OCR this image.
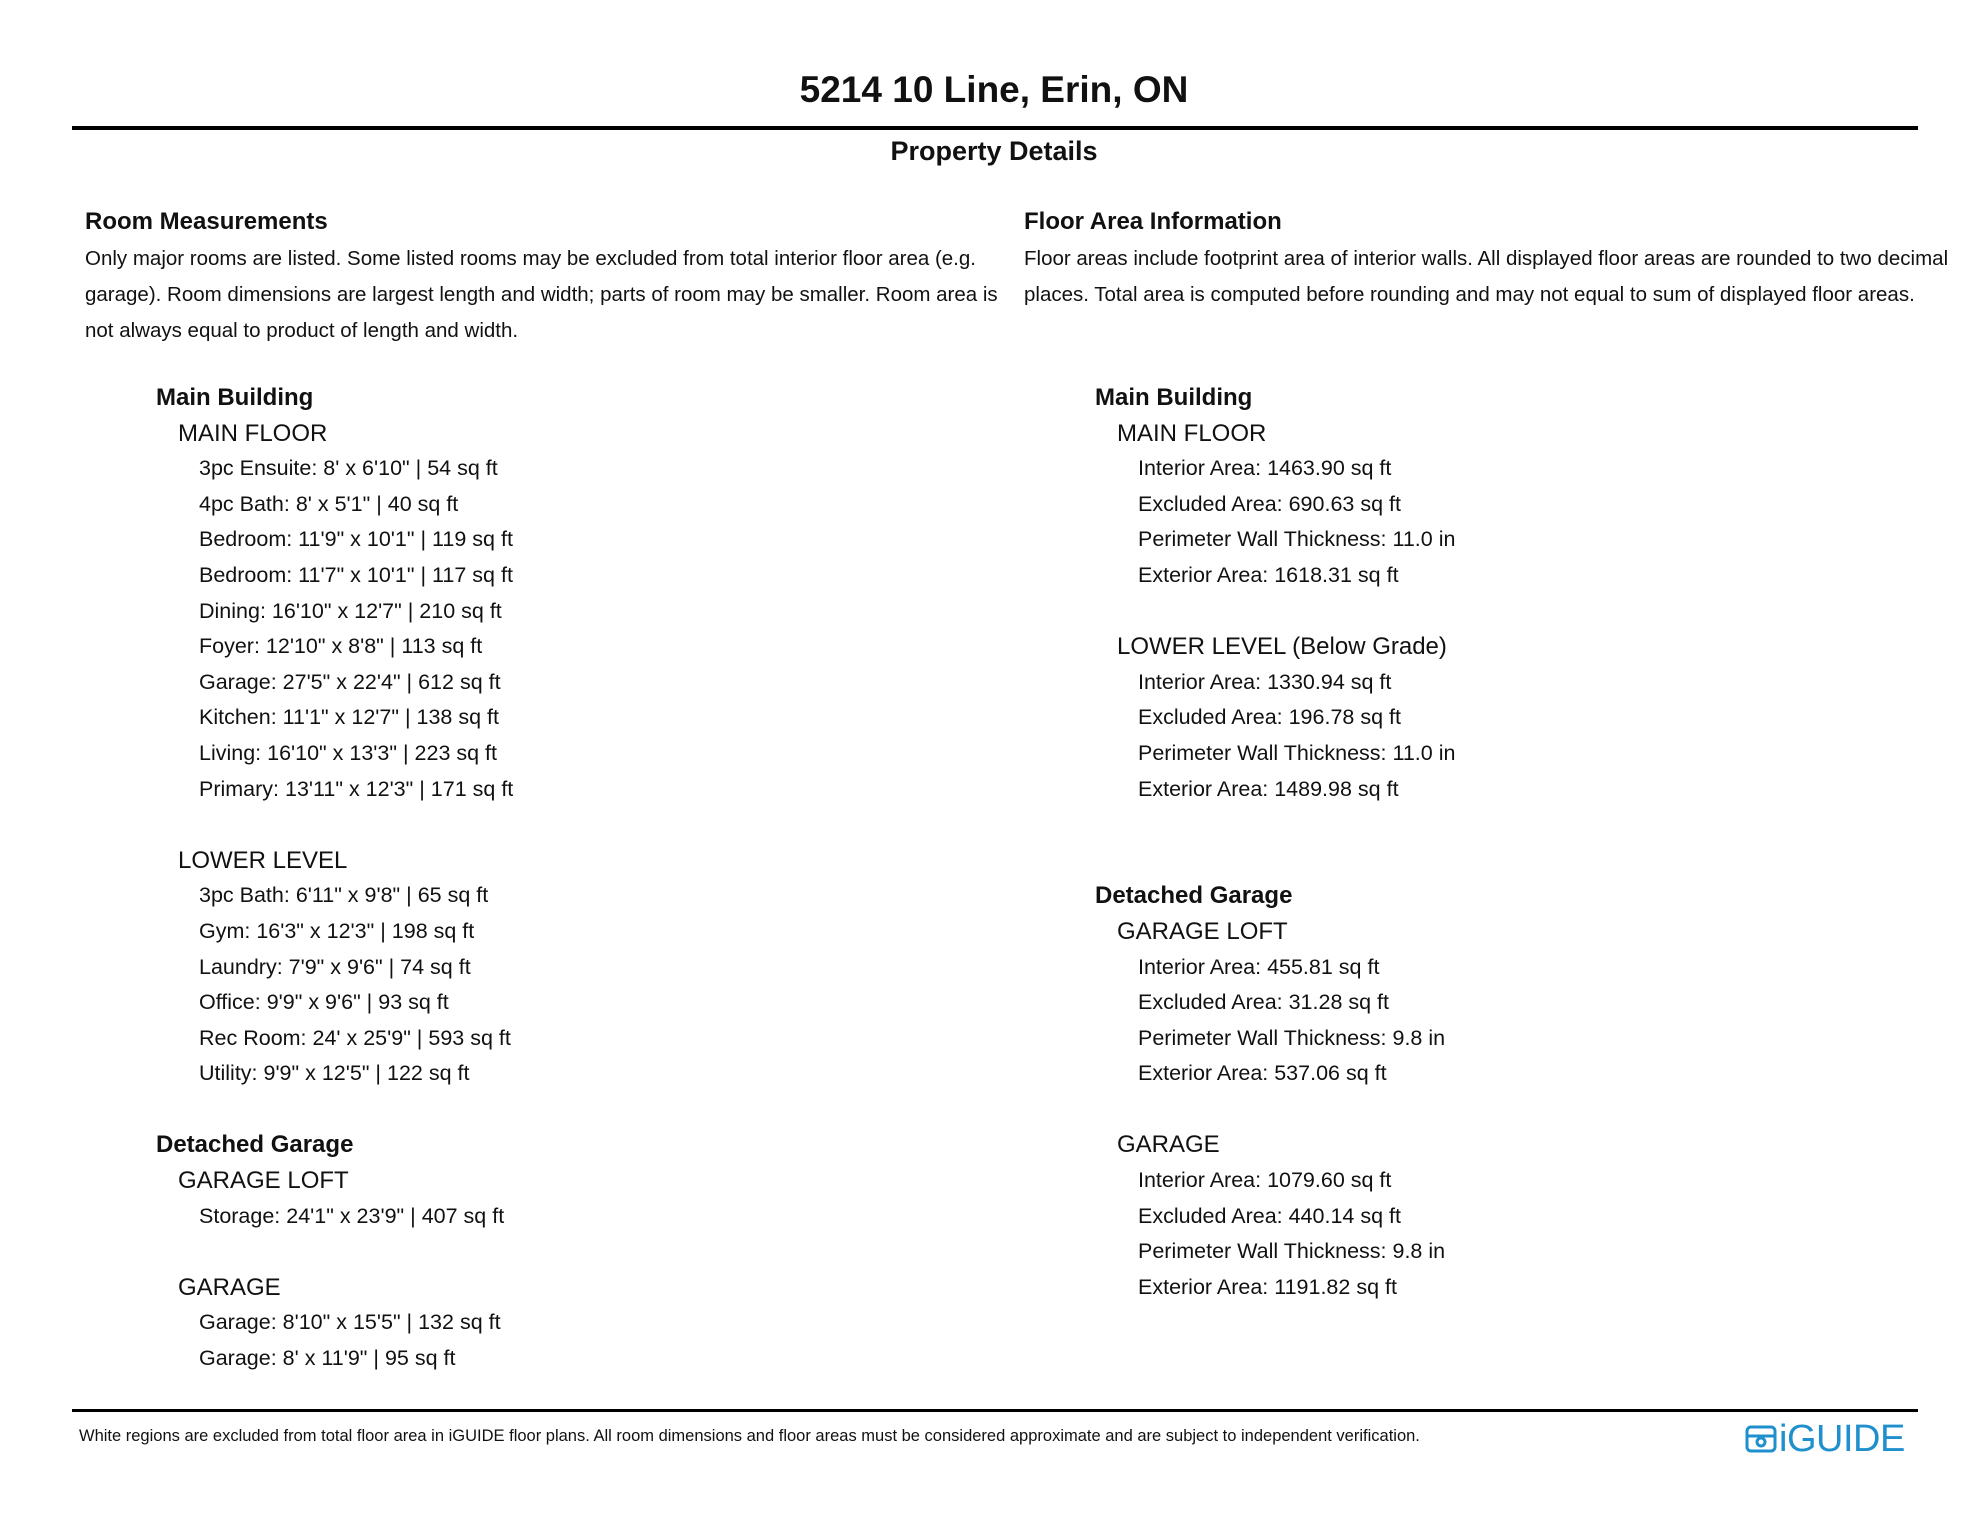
5214 10 Line, Erin, ON
Property Details
Room Measurements
Only major rooms are listed. Some listed rooms may be excluded from total interior floor area (e.g. garage). Room dimensions are largest length and width; parts of room may be smaller. Room area is not always equal to product of length and width.
Main Building
MAIN FLOOR
3pc Ensuite: 8' x 6'10" | 54 sq ft
4pc Bath: 8' x 5'1" | 40 sq ft
Bedroom: 11'9" x 10'1" | 119 sq ft
Bedroom: 11'7" x 10'1" | 117 sq ft
Dining: 16'10" x 12'7" | 210 sq ft
Foyer: 12'10" x 8'8" | 113 sq ft
Garage: 27'5" x 22'4" | 612 sq ft
Kitchen: 11'1" x 12'7" | 138 sq ft
Living: 16'10" x 13'3" | 223 sq ft
Primary: 13'11" x 12'3" | 171 sq ft
LOWER LEVEL
3pc Bath: 6'11" x 9'8" | 65 sq ft
Gym: 16'3" x 12'3" | 198 sq ft
Laundry: 7'9" x 9'6" | 74 sq ft
Office: 9'9" x 9'6" | 93 sq ft
Rec Room: 24' x 25'9" | 593 sq ft
Utility: 9'9" x 12'5" | 122 sq ft
Detached Garage
GARAGE LOFT
Storage: 24'1" x 23'9" | 407 sq ft
GARAGE
Garage: 8'10" x 15'5" | 132 sq ft
Garage: 8' x 11'9" | 95 sq ft
Floor Area Information
Floor areas include footprint area of interior walls. All displayed floor areas are rounded to two decimal places. Total area is computed before rounding and may not equal to sum of displayed floor areas.
Main Building
MAIN FLOOR
Interior Area: 1463.90 sq ft
Excluded Area: 690.63 sq ft
Perimeter Wall Thickness: 11.0 in
Exterior Area: 1618.31 sq ft
LOWER LEVEL (Below Grade)
Interior Area: 1330.94 sq ft
Excluded Area: 196.78 sq ft
Perimeter Wall Thickness: 11.0 in
Exterior Area: 1489.98 sq ft
Detached Garage
GARAGE LOFT
Interior Area: 455.81 sq ft
Excluded Area: 31.28 sq ft
Perimeter Wall Thickness: 9.8 in
Exterior Area: 537.06 sq ft
GARAGE
Interior Area: 1079.60 sq ft
Excluded Area: 440.14 sq ft
Perimeter Wall Thickness: 9.8 in
Exterior Area: 1191.82 sq ft
White regions are excluded from total floor area in iGUIDE floor plans. All room dimensions and floor areas must be considered approximate and are subject to independent verification.	iGUIDE
